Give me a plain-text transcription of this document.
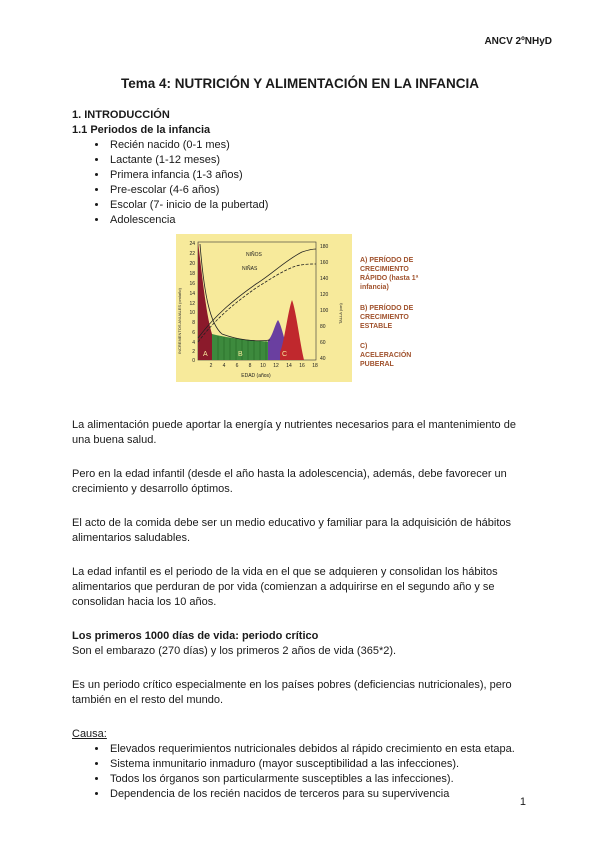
ANCV 2ºNHyD
Tema 4: NUTRICIÓN Y ALIMENTACIÓN EN LA INFANCIA

1. INTRODUCCIÓN

1.1 Periodos de la infancia

• Recién nacido (0-1 mes)
• Lactante (1-12 meses)
• Primera infancia (1-3 años)
• Pre-escolar (4-6 años)
• Escolar (7- inicio de la pubertad)
• Adolescencia
A	B	C
NIÑOS
NIÑAS
24
22
20
18
16
14
12
10
8
6
4
2
0
INCREMENTOS ANUALES (cm/año)
180
160
140
120
100
80
60
40
TALLA (cm)
2 4 6 8 10 12 14 16 18
EDAD (años)
A) PERÍODO DE
CRECIMIENTO
RÁPIDO (hasta 1ª
infancia)
B) PERÍODO DE
CRECIMIENTO
ESTABLE
C)
ACELERACIÓN
PUBERAL

La alimentación puede aportar la energía y nutrientes necesarios para el mantenimiento de una buena salud.

Pero en la edad infantil (desde el año hasta la adolescencia), además, debe favorecer un crecimiento y desarrollo óptimos.

El acto de la comida debe ser un medio educativo y familiar para la adquisición de hábitos alimentarios saludables.

La edad infantil es el periodo de la vida en el que se adquieren y consolidan los hábitos alimentarios que perduran de por vida (comienzan a adquirirse en el segundo año y se consolidan hacia los 10 años.

Los primeros 1000 días de vida: periodo crítico

Son el embarazo (270 días) y los primeros 2 años de vida (365*2).

Es un periodo crítico especialmente en los países pobres (deficiencias nutricionales), pero también en el resto del mundo.

Causa:

• Elevados requerimientos nutricionales debidos al rápido crecimiento en esta etapa.
• Sistema inmunitario inmaduro (mayor susceptibilidad a las infecciones).
• Todos los órganos son particularmente susceptibles a las infecciones).
• Dependencia de los recién nacidos de terceros para su supervivencia
1
